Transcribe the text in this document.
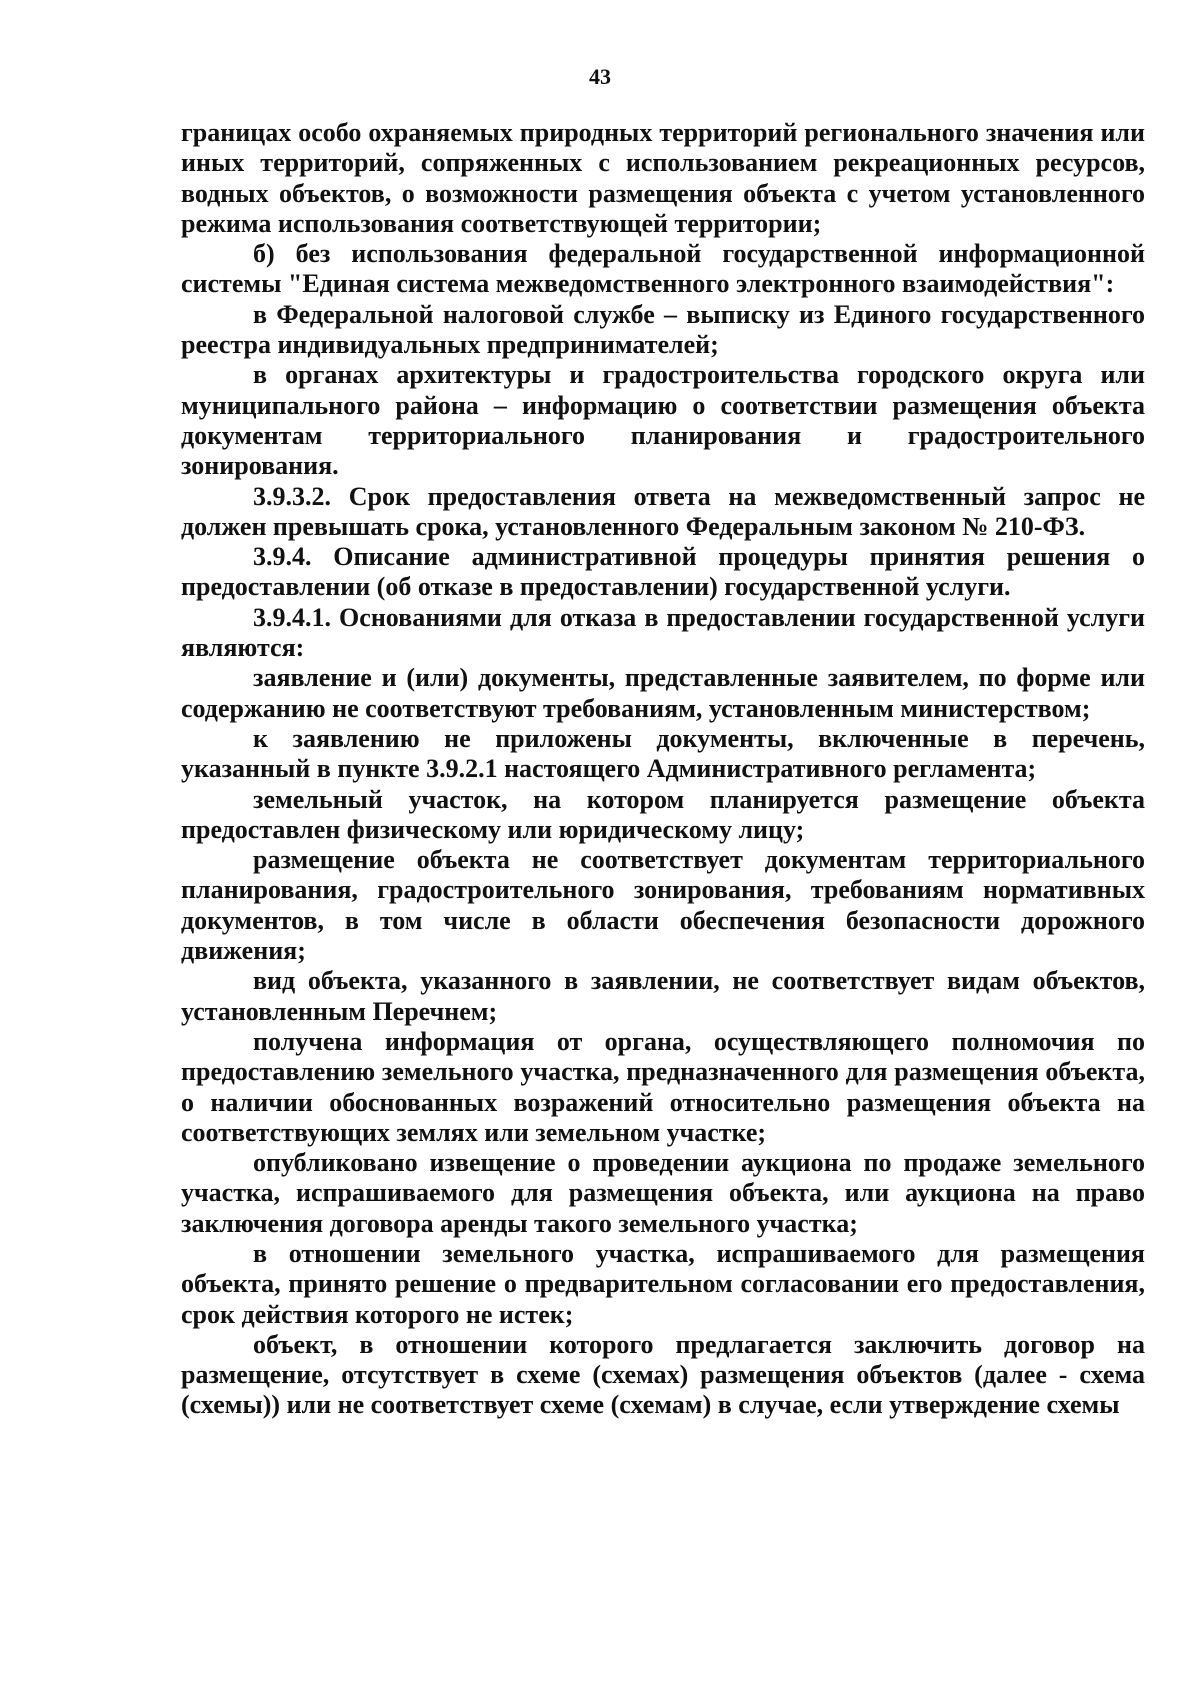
43

границах особо охраняемых природных территорий регионального значения или иных территорий, сопряженных с использованием рекреационных ресурсов, водных объектов, о возможности размещения объекта с учетом установленного режима использования соответствующей территории;

б) без использования федеральной государственной информационной системы "Единая система межведомственного электронного взаимодействия":

в Федеральной налоговой службе – выписку из Единого государственного реестра индивидуальных предпринимателей;

в органах архитектуры и градостроительства городского округа или муниципального района – информацию о соответствии размещения объекта документам территориального планирования и градостроительного зонирования.

3.9.3.2. Срок предоставления ответа на межведомственный запрос не должен превышать срока, установленного Федеральным законом № 210-ФЗ.

3.9.4. Описание административной процедуры принятия решения о предоставлении (об отказе в предоставлении) государственной услуги.

3.9.4.1. Основаниями для отказа в предоставлении государственной услуги являются:

заявление и (или) документы, представленные заявителем, по форме или содержанию не соответствуют требованиям, установленным министерством;

к заявлению не приложены документы, включенные в перечень, указанный в пункте 3.9.2.1 настоящего Административного регламента;

земельный участок, на котором планируется размещение объекта предоставлен физическому или юридическому лицу;

размещение объекта не соответствует документам территориального планирования, градостроительного зонирования, требованиям нормативных документов, в том числе в области обеспечения безопасности дорожного движения;

вид объекта, указанного в заявлении, не соответствует видам объектов, установленным Перечнем;

получена информация от органа, осуществляющего полномочия по предоставлению земельного участка, предназначенного для размещения объекта, о наличии обоснованных возражений относительно размещения объекта на соответствующих землях или земельном участке;

опубликовано извещение о проведении аукциона по продаже земельного участка, испрашиваемого для размещения объекта, или аукциона на право заключения договора аренды такого земельного участка;

в отношении земельного участка, испрашиваемого для размещения объекта, принято решение о предварительном согласовании его предоставления, срок действия которого не истек;

объект, в отношении которого предлагается заключить договор на размещение, отсутствует в схеме (схемах) размещения объектов (далее - схема (схемы)) или не соответствует схеме (схемам) в случае, если утверждение схемы
